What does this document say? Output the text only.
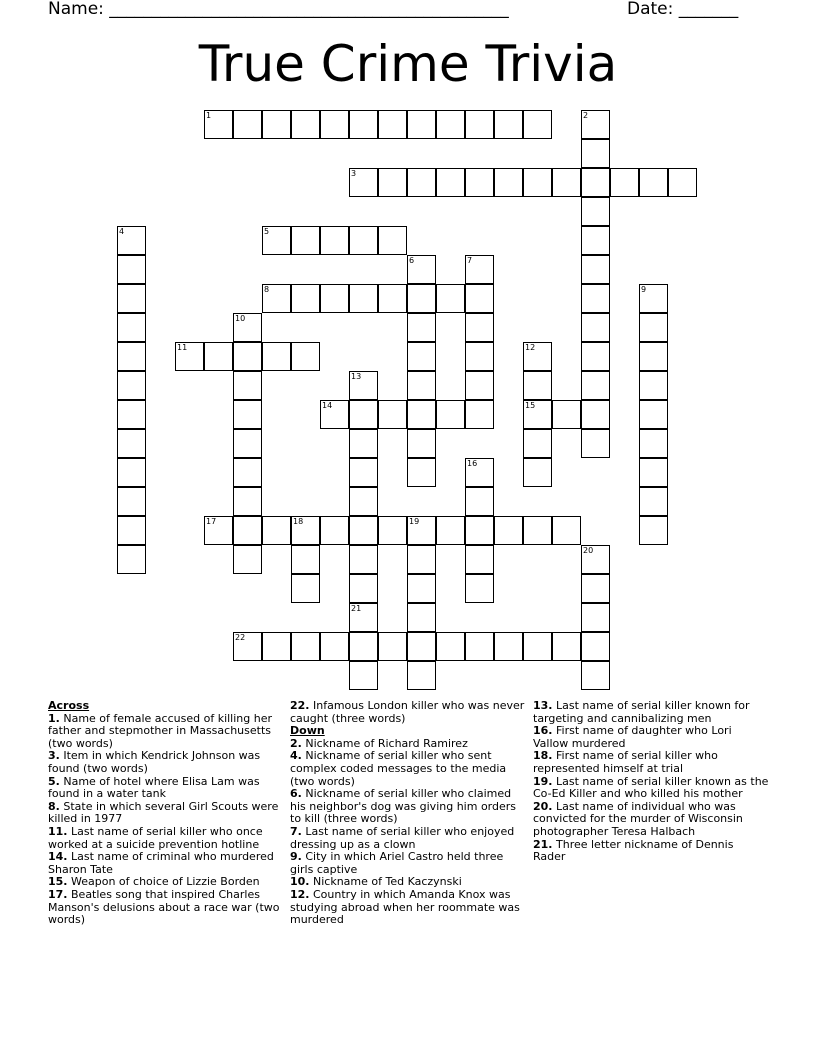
Name: _______________________________________________	Date: _______
True Crime Trivia
1	2
3
4	5
6	7
8	9
10
11	12
15
13
21
14
16
17	18	19
20
22
Across
1. Name of female accused of killing her father and stepmother in Massachusetts (two words)
3. Item in which Kendrick Johnson was found (two words)
5. Name of hotel where Elisa Lam was found in a water tank
8. State in which several Girl Scouts were killed in 1977
11. Last name of serial killer who once worked at a suicide prevention hotline
14. Last name of criminal who murdered Sharon Tate
15. Weapon of choice of Lizzie Borden
17. Beatles song that inspired Charles Manson's delusions about a race war (two words)
22. Infamous London killer who was never caught (three words)
Down
2. Nickname of Richard Ramirez
4. Nickname of serial killer who sent complex coded messages to the media (two words)
6. Nickname of serial killer who claimed his neighbor's dog was giving him orders to kill (three words)
7. Last name of serial killer who enjoyed dressing up as a clown
9. City in which Ariel Castro held three girls captive
10. Nickname of Ted Kaczynski
12. Country in which Amanda Knox was studying abroad when her roommate was murdered
13. Last name of serial killer known for targeting and cannibalizing men
16. First name of daughter who Lori Vallow murdered
18. First name of serial killer who represented himself at trial
19. Last name of serial killer known as the Co-Ed Killer and who killed his mother
20. Last name of individual who was convicted for the murder of Wisconsin photographer Teresa Halbach
21. Three letter nickname of Dennis Rader
